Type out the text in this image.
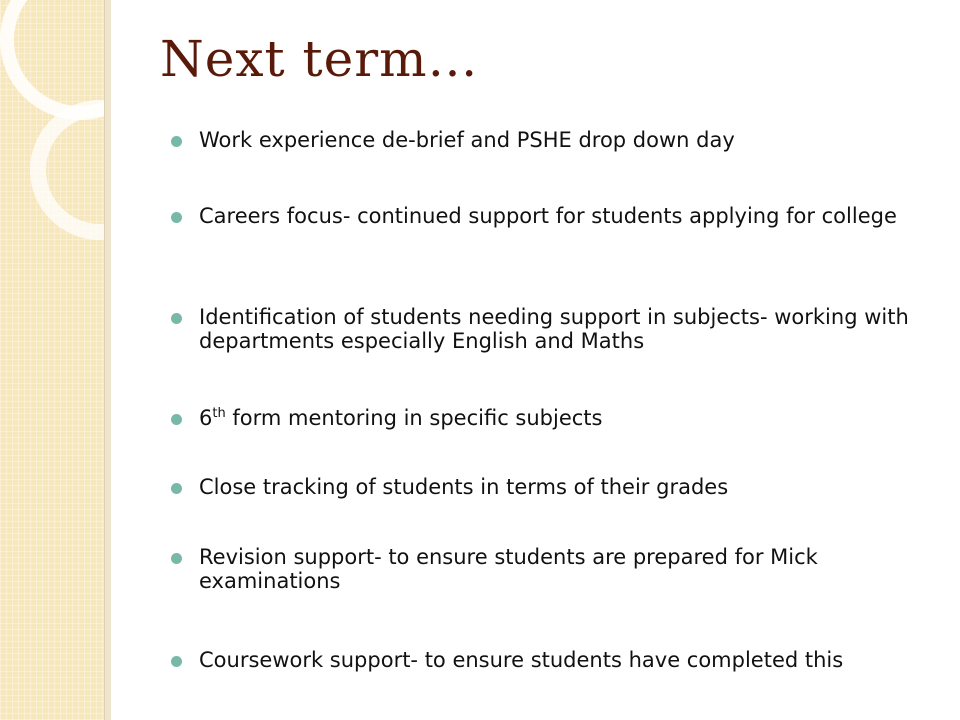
Next term…
Work experience de-brief and PSHE drop down day
Careers focus- continued support for students applying for college
Identification of students needing support in subjects- working with departments especially English and Maths
6th form mentoring in specific subjects
Close tracking of students in terms of their grades
Revision support- to ensure students are prepared for Mick examinations
Coursework support- to ensure students have completed this
